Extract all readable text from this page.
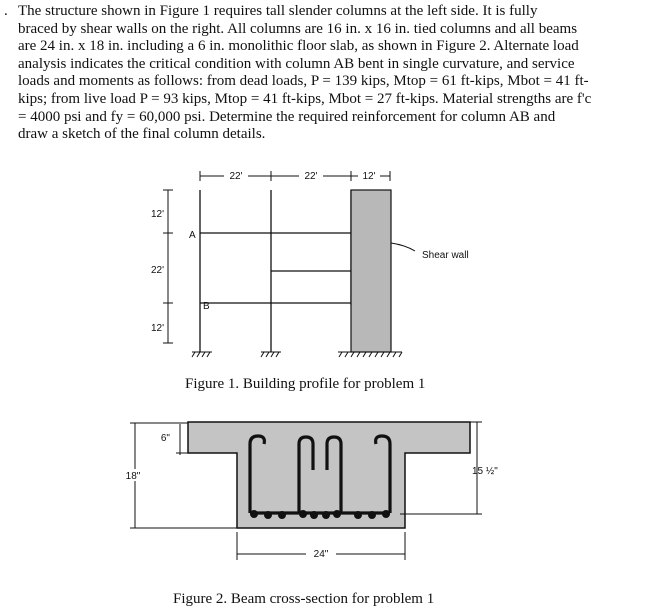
. The structure shown in Figure 1 requires tall slender columns at the left side. It is fully
braced by shear walls on the right. All columns are 16 in. x 16 in. tied columns and all beams
are 24 in. x 18 in. including a 6 in. monolithic floor slab, as shown in Figure 2. Alternate load
analysis indicates the critical condition with column AB bent in single curvature, and service
loads and moments as follows: from dead loads, P = 139 kips, Mtop = 61 ft-kips, Mbot = 41 ft-
kips; from live load P = 93 kips, Mtop = 41 ft-kips, Mbot = 27 ft-kips. Material strengths are f'c
= 4000 psi and fy = 60,000 psi. Determine the required reinforcement for column AB and
draw a sketch of the final column details.
22'	22'	12'
12'
22'
12'
A
B
Shear wall
Figure 1. Building profile for problem 1
6"
18"	15 ½"
24"
Figure 2. Beam cross-section for problem 1
